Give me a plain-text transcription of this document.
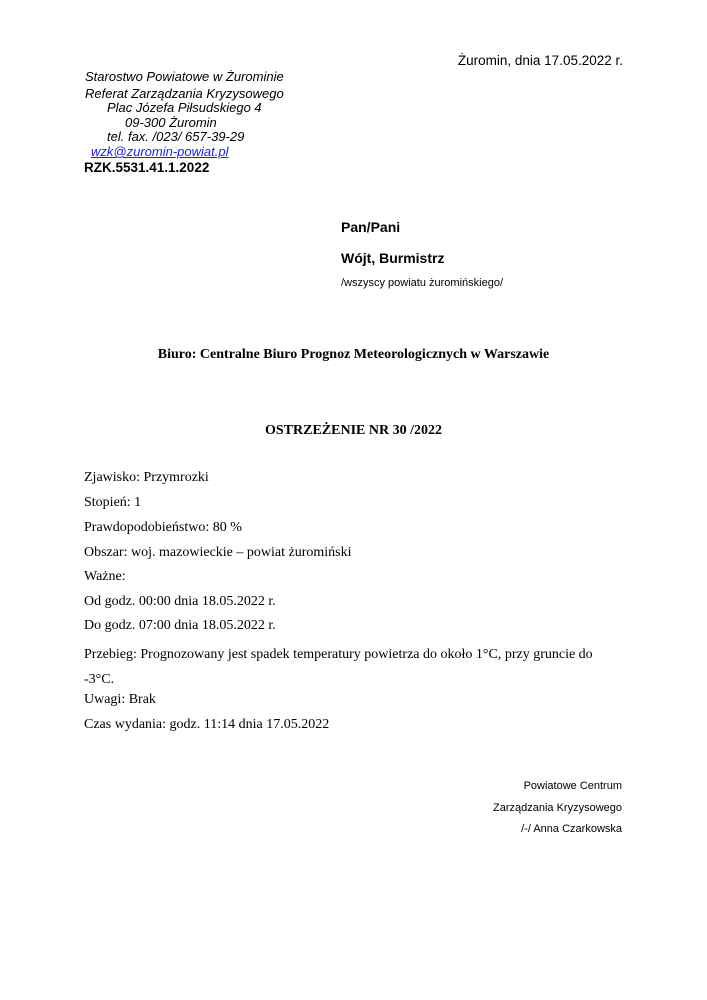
Żuromin, dnia 17.05.2022 r.
Starostwo Powiatowe w Żurominie
Referat Zarządzania Kryzysowego
Plac Józefa Piłsudskiego 4
09-300 Żuromin
tel. fax. /023/ 657-39-29
wzk@zuromin-powiat.pl
RZK.5531.41.1.2022
Pan/Pani
Wójt, Burmistrz
/wszyscy powiatu żuromińskiego/
Biuro: Centralne Biuro Prognoz Meteorologicznych w Warszawie
OSTRZEŻENIE NR 30 /2022
Zjawisko: Przymrozki
Stopień: 1
Prawdopodobieństwo: 80 %
Obszar: woj. mazowieckie – powiat żuromiński
Ważne:
Od godz. 00:00 dnia 18.05.2022 r.
Do godz. 07:00 dnia 18.05.2022 r.
Przebieg: Prognozowany jest spadek temperatury powietrza do około 1°C, przy gruncie do -3°C.
Uwagi: Brak
Czas wydania: godz. 11:14 dnia 17.05.2022
Powiatowe Centrum
Zarządzania Kryzysowego
/-/ Anna Czarkowska
